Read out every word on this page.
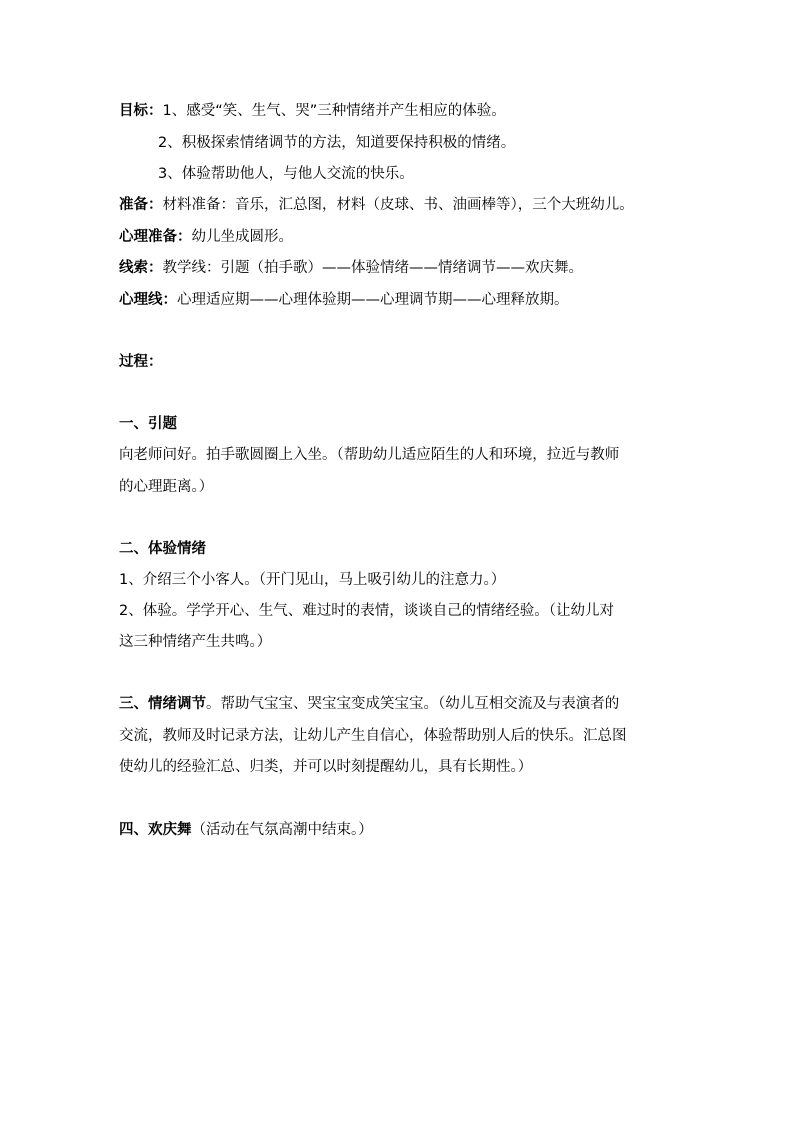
目标：1、感受“笑、生气、哭”三种情绪并产生相应的体验。
2、积极探索情绪调节的方法，知道要保持积极的情绪。
3、体验帮助他人，与他人交流的快乐。
准备：材料准备：音乐，汇总图，材料（皮球、书、油画棒等），三个大班幼儿。
心理准备：幼儿坐成圆形。
线索：教学线：引题（拍手歌）——体验情绪——情绪调节——欢庆舞。
心理线：心理适应期——心理体验期——心理调节期——心理释放期。
过程：
一、引题
向老师问好。拍手歌圆圈上入坐。（帮助幼儿适应陌生的人和环境，拉近与教师
的心理距离。）
二、体验情绪
1、介绍三个小客人。（开门见山，马上吸引幼儿的注意力。）
2、体验。学学开心、生气、难过时的表情，谈谈自己的情绪经验。（让幼儿对
这三种情绪产生共鸣。）
三、情绪调节。帮助气宝宝、哭宝宝变成笑宝宝。（幼儿互相交流及与表演者的
交流，教师及时记录方法，让幼儿产生自信心，体验帮助别人后的快乐。汇总图
使幼儿的经验汇总、归类，并可以时刻提醒幼儿，具有长期性。）
四、欢庆舞（活动在气氛高潮中结束。）
